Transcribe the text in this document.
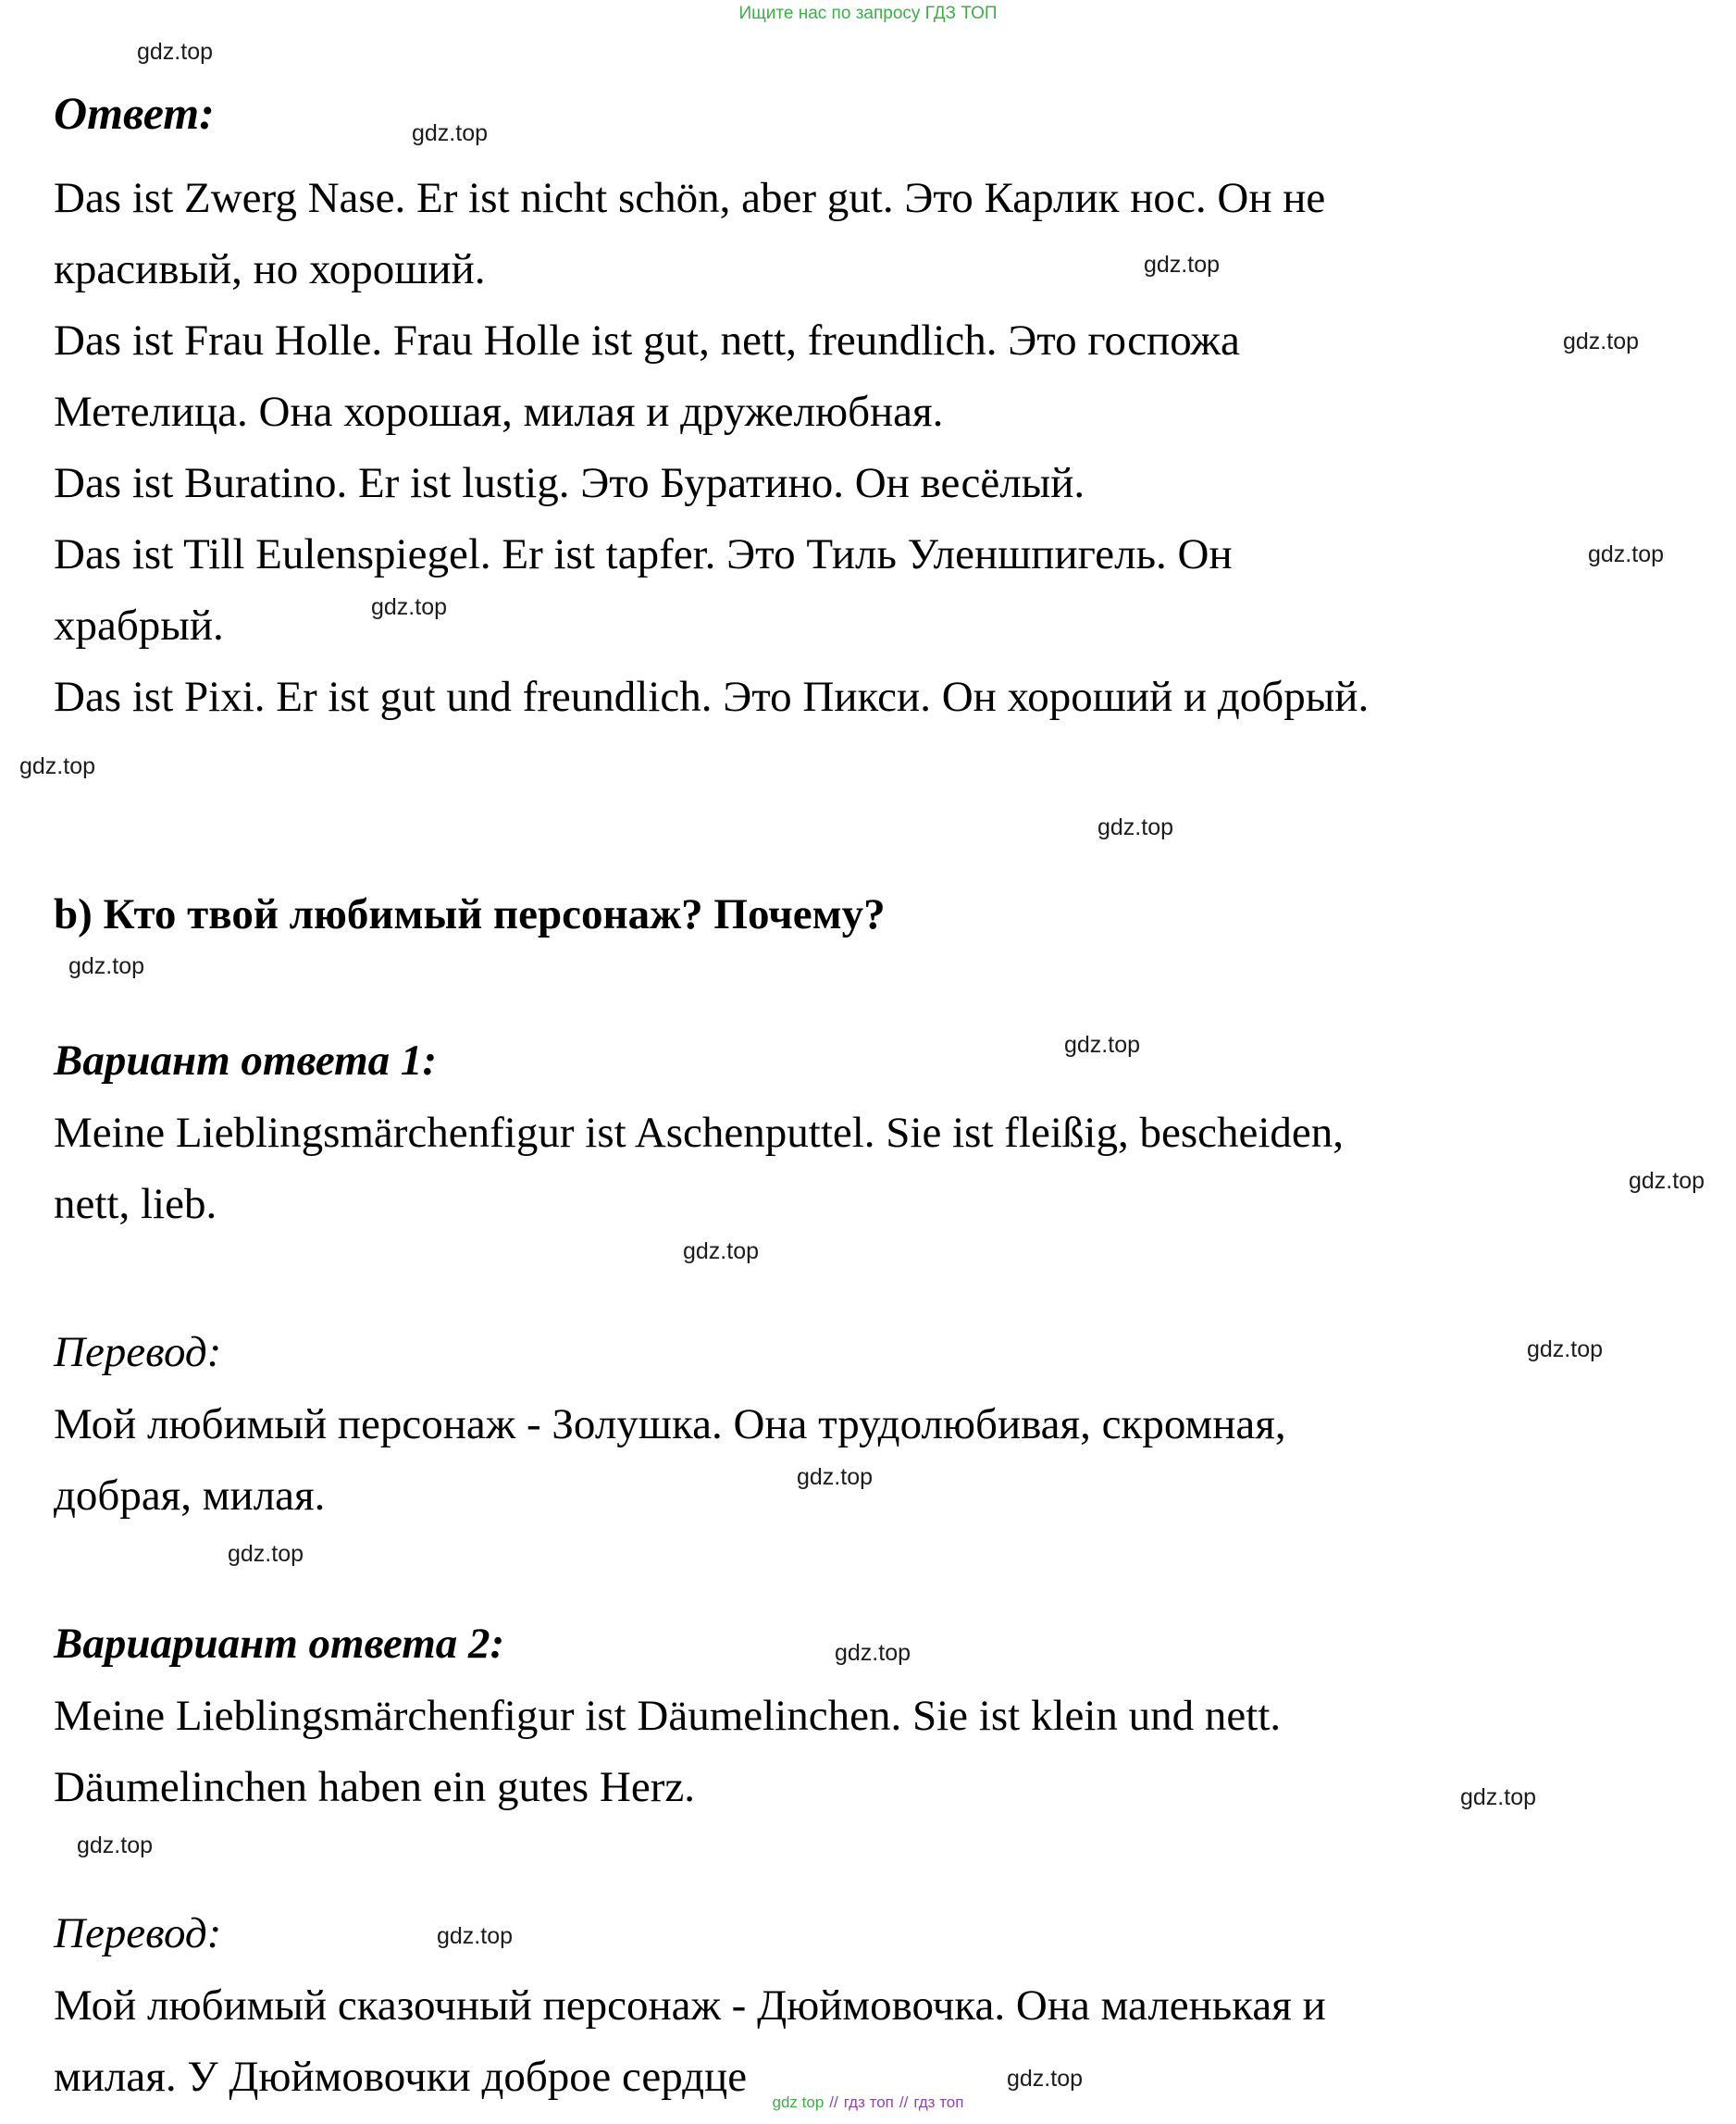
Ищите нас по запросу ГДЗ ТОП
gdz.top
gdz.top
gdz.top
gdz.top
gdz.top
gdz.top
gdz.top
gdz.top
gdz.top
gdz.top
gdz.top
gdz.top
gdz.top
gdz.top
gdz.top
gdz.top
gdz.top
gdz.top
gdz.top
gdz.top
Ответ:
Das ist Zwerg Nase. Er ist nicht schön, aber gut. Это Карлик нос. Он не
красивый, но хороший.
Das ist Frau Holle. Frau Holle ist gut, nett, freundlich. Это госпожа
Метелица. Она хорошая, милая и дружелюбная.
Das ist Buratino. Er ist lustig. Это Буратино. Он весёлый.
Das ist Till Eulenspiegel. Er ist tapfer. Это Тиль Уленшпигель. Он
храбрый.
Das ist Pixi. Er ist gut und freundlich. Это Пикси. Он хороший и добрый.
b) Кто твой любимый персонаж? Почему?
Вариант ответа 1:
Meine Lieblingsmärchenfigur ist Aschenputtel. Sie ist fleißig, bescheiden,
nett, lieb.
Перевод:
Мой любимый персонаж - Золушка. Она трудолюбивая, скромная,
добрая, милая.
Вариариант ответа 2:
Meine Lieblingsmärchenfigur ist Däumelinchen. Sie ist klein und nett.
Däumelinchen haben ein gutes Herz.
Перевод:
Мой любимый сказочный персонаж - Дюймовочка. Она маленькая и
милая. У Дюймовочки доброе сердце
gdz top // гдз топ // гдз топ
